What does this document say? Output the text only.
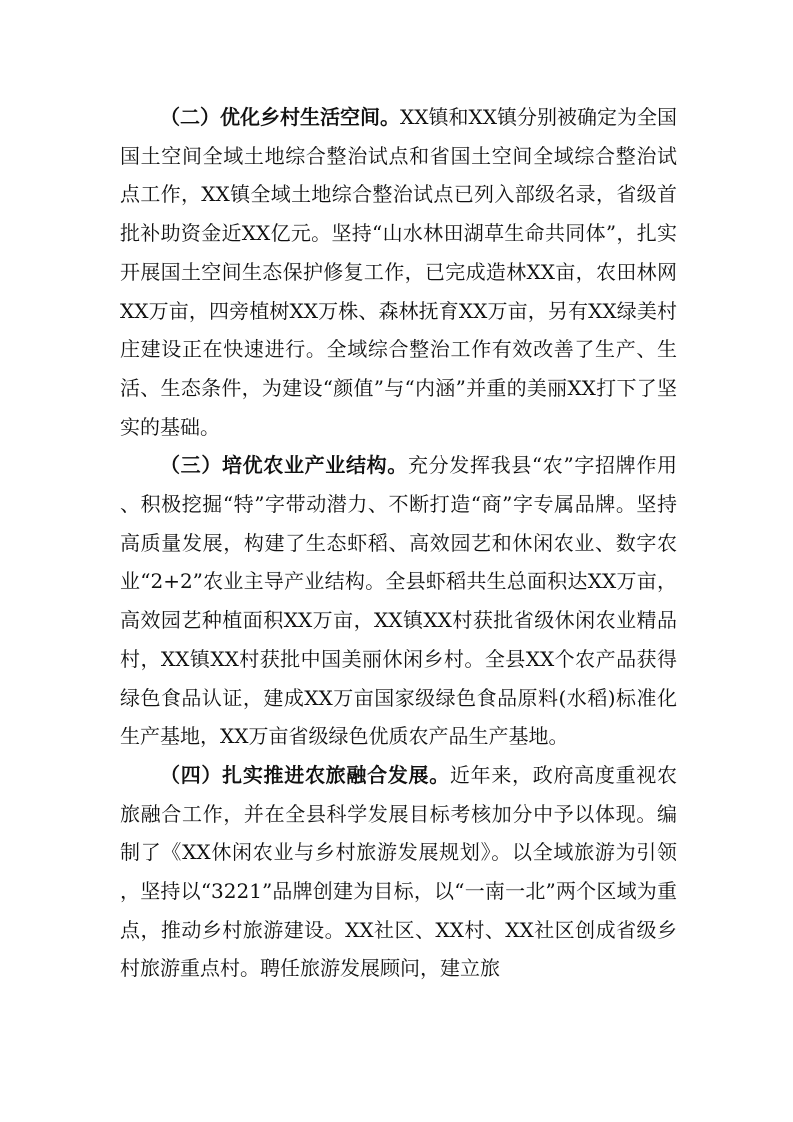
（二）优化乡村生活空间。XX镇和XX镇分别被确定为全国国土空间全域土地综合整治试点和省国土空间全域综合整治试点工作，XX镇全域土地综合整治试点已列入部级名录，省级首批补助资金近XX亿元。坚持“山水林田湖草生命共同体”，扎实开展国土空间生态保护修复工作，已完成造林XX亩，农田林网XX万亩，四旁植树XX万株、森林抚育XX万亩，另有XX绿美村庄建设正在快速进行。全域综合整治工作有效改善了生产、生活、生态条件，为建设“颜值”与“内涵”并重的美丽XX打下了坚实的基础。

（三）培优农业产业结构。充分发挥我县“农”字招牌作用、积极挖掘“特”字带动潜力、不断打造“商”字专属品牌。坚持高质量发展，构建了生态虾稻、高效园艺和休闲农业、数字农业“2+2”农业主导产业结构。全县虾稻共生总面积达XX万亩，高效园艺种植面积XX万亩，XX镇XX村获批省级休闲农业精品村，XX镇XX村获批中国美丽休闲乡村。全县XX个农产品获得绿色食品认证，建成XX万亩国家级绿色食品原料(水稻)标准化生产基地，XX万亩省级绿色优质农产品生产基地。

（四）扎实推进农旅融合发展。近年来，政府高度重视农旅融合工作，并在全县科学发展目标考核加分中予以体现。编制了《XX休闲农业与乡村旅游发展规划》。以全域旅游为引领，坚持以“3221”品牌创建为目标，以“一南一北”两个区域为重点，推动乡村旅游建设。XX社区、XX村、XX社区创成省级乡村旅游重点村。聘任旅游发展顾问，建立旅
